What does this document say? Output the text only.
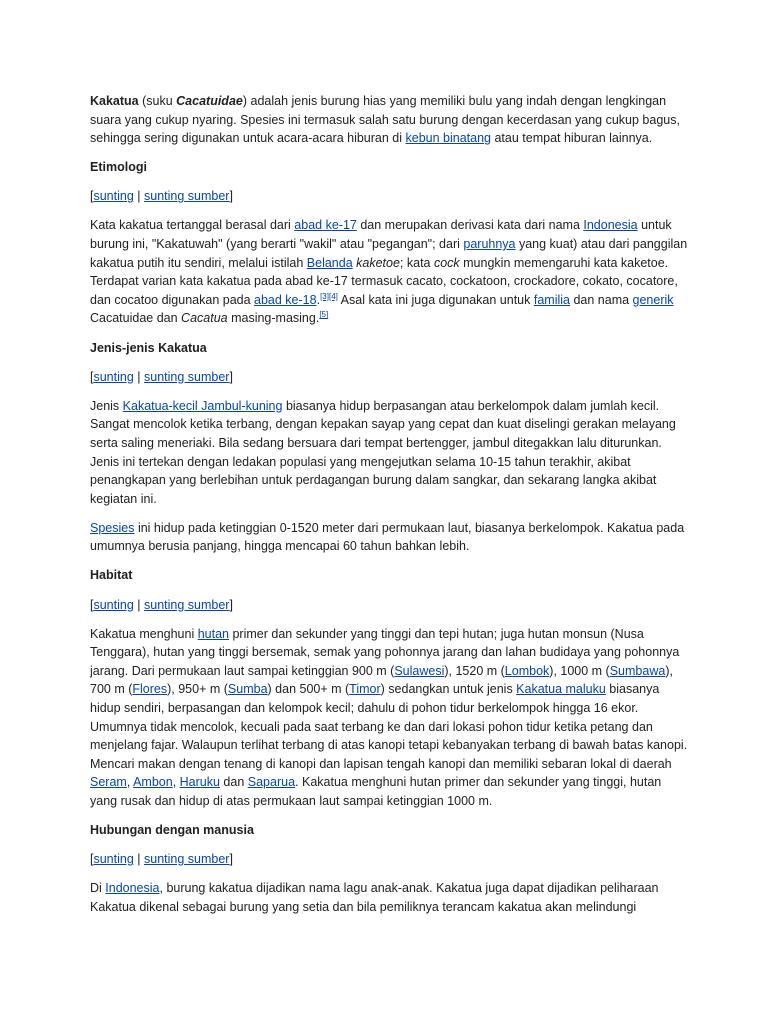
Kakatua (suku Cacatuidae) adalah jenis burung hias yang memiliki bulu yang indah dengan lengkingan suara yang cukup nyaring. Spesies ini termasuk salah satu burung dengan kecerdasan yang cukup bagus, sehingga sering digunakan untuk acara-acara hiburan di kebun binatang atau tempat hiburan lainnya.

Etimologi

[sunting | sunting sumber]

Kata kakatua tertanggal berasal dari abad ke-17 dan merupakan derivasi kata dari nama Indonesia untuk burung ini, "Kakatuwah" (yang berarti "wakil" atau "pegangan"; dari paruhnya yang kuat) atau dari panggilan kakatua putih itu sendiri, melalui istilah Belanda kaketoe; kata cock mungkin memengaruhi kata kaketoe. Terdapat varian kata kakatua pada abad ke-17 termasuk cacato, cockatoon, crockadore, cokato, cocatore, dan cocatoo digunakan pada abad ke-18.[3][4] Asal kata ini juga digunakan untuk familia dan nama generik Cacatuidae dan Cacatua masing-masing.[5]

Jenis-jenis Kakatua

[sunting | sunting sumber]

Jenis Kakatua-kecil Jambul-kuning biasanya hidup berpasangan atau berkelompok dalam jumlah kecil. Sangat mencolok ketika terbang, dengan kepakan sayap yang cepat dan kuat diselingi gerakan melayang serta saling meneriaki. Bila sedang bersuara dari tempat bertengger, jambul ditegakkan lalu diturunkan. Jenis ini tertekan dengan ledakan populasi yang mengejutkan selama 10-15 tahun terakhir, akibat penangkapan yang berlebihan untuk perdagangan burung dalam sangkar, dan sekarang langka akibat kegiatan ini.

Spesies ini hidup pada ketinggian 0-1520 meter dari permukaan laut, biasanya berkelompok. Kakatua pada umumnya berusia panjang, hingga mencapai 60 tahun bahkan lebih.

Habitat

[sunting | sunting sumber]

Kakatua menghuni hutan primer dan sekunder yang tinggi dan tepi hutan; juga hutan monsun (Nusa Tenggara), hutan yang tinggi bersemak, semak yang pohonnya jarang dan lahan budidaya yang pohonnya jarang. Dari permukaan laut sampai ketinggian 900 m (Sulawesi), 1520 m (Lombok), 1000 m (Sumbawa), 700 m (Flores), 950+ m (Sumba) dan 500+ m (Timor) sedangkan untuk jenis Kakatua maluku biasanya hidup sendiri, berpasangan dan kelompok kecil; dahulu di pohon tidur berkelompok hingga 16 ekor. Umumnya tidak mencolok, kecuali pada saat terbang ke dan dari lokasi pohon tidur ketika petang dan menjelang fajar. Walaupun terlihat terbang di atas kanopi tetapi kebanyakan terbang di bawah batas kanopi. Mencari makan dengan tenang di kanopi dan lapisan tengah kanopi dan memiliki sebaran lokal di daerah Seram, Ambon, Haruku dan Saparua. Kakatua menghuni hutan primer dan sekunder yang tinggi, hutan yang rusak dan hidup di atas permukaan laut sampai ketinggian 1000 m.

Hubungan dengan manusia

[sunting | sunting sumber]

Di Indonesia, burung kakatua dijadikan nama lagu anak-anak. Kakatua juga dapat dijadikan peliharaan Kakatua dikenal sebagai burung yang setia dan bila pemiliknya terancam kakatua akan melindungi
